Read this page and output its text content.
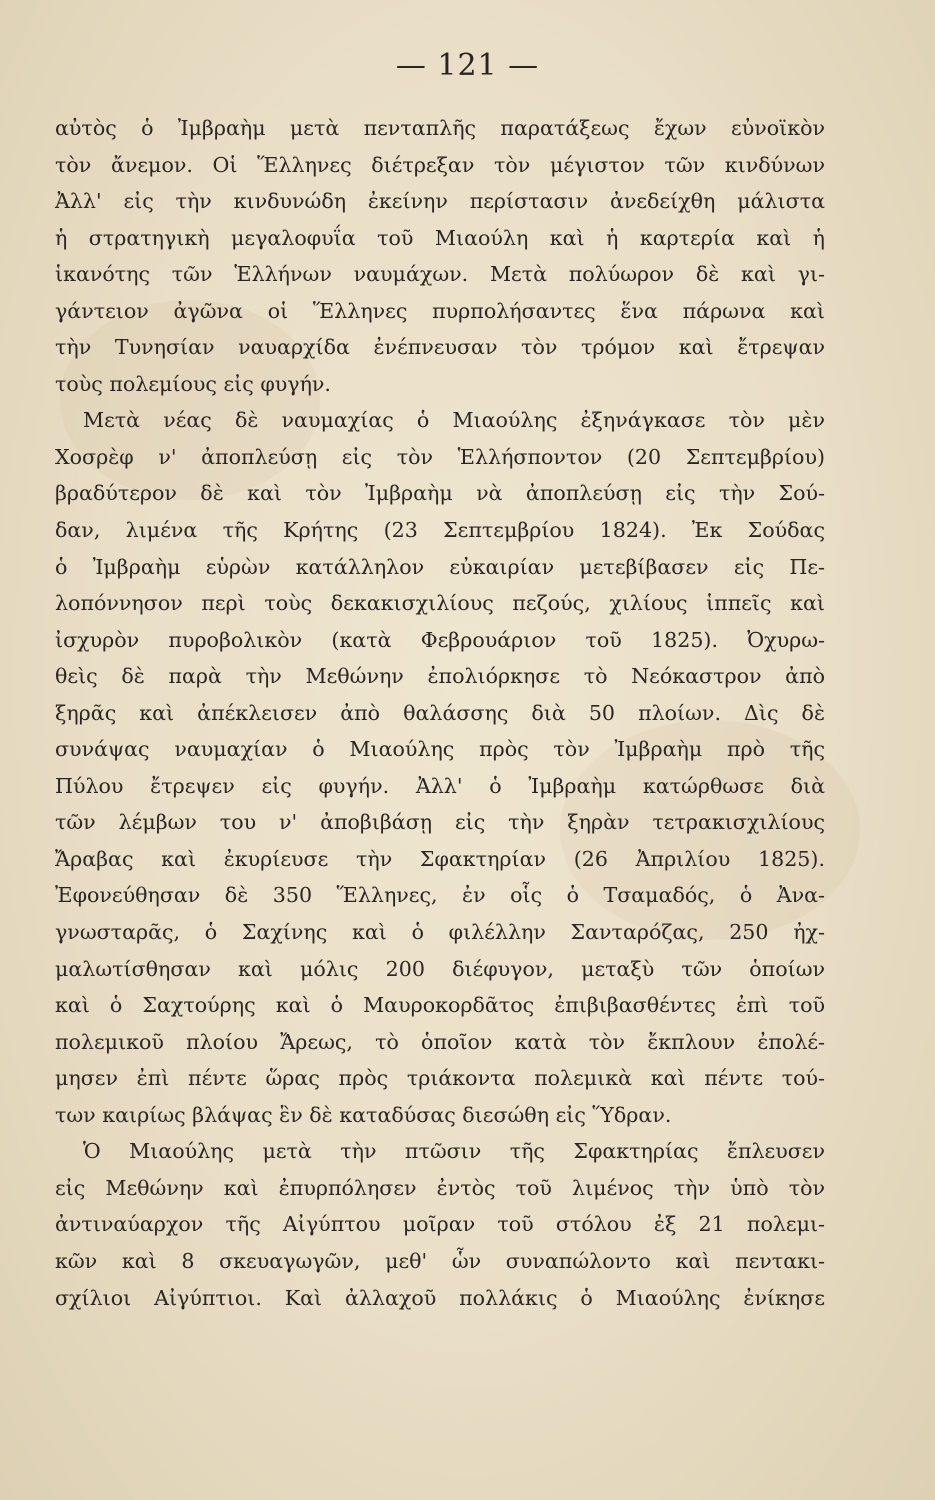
— 121 —
αὐτὸς ὁ Ἰμβραὴμ μετὰ πενταπλῆς παρατάξεως ἔχων εὐνοϊκὸν
τὸν ἄνεμον. Οἱ Ἕλληνες διέτρεξαν τὸν μέγιστον τῶν κινδύνων
Ἀλλ' εἰς τὴν κινδυνώδη ἐκείνην περίστασιν ἀνεδείχθη μάλιστα
ἡ στρατηγικὴ μεγαλοφυΐα τοῦ Μιαούλη καὶ ἡ καρτερία καὶ ἡ
ἱκανότης τῶν Ἑλλήνων ναυμάχων. Μετὰ πολύωρον δὲ καὶ γι-
γάντειον ἀγῶνα οἱ Ἕλληνες πυρπολήσαντες ἕνα πάρωνα καὶ
τὴν Τυνησίαν ναυαρχίδα ἐνέπνευσαν τὸν τρόμον καὶ ἔτρεψαν
τοὺς πολεμίους εἰς φυγήν.
Μετὰ νέας δὲ ναυμαχίας ὁ Μιαούλης ἐξηνάγκασε τὸν μὲν
Χοσρὲφ ν' ἀποπλεύσῃ εἰς τὸν Ἑλλήσποντον (20 Σεπτεμβρίου)
βραδύτερον δὲ καὶ τὸν Ἰμβραὴμ νὰ ἀποπλεύσῃ εἰς τὴν Σού-
δαν, λιμένα τῆς Κρήτης (23 Σεπτεμβρίου 1824). Ἐκ Σούδας
ὁ Ἰμβραὴμ εὑρὼν κατάλληλον εὐκαιρίαν μετεβίβασεν εἰς Πε-
λοπόννησον περὶ τοὺς δεκακισχιλίους πεζούς, χιλίους ἱππεῖς καὶ
ἰσχυρὸν πυροβολικὸν (κατὰ Φεβρουάριον τοῦ 1825). Ὀχυρω-
θεὶς δὲ παρὰ τὴν Μεθώνην ἐπολιόρκησε τὸ Νεόκαστρον ἀπὸ
ξηρᾶς καὶ ἀπέκλεισεν ἀπὸ θαλάσσης διὰ 50 πλοίων. Δὶς δὲ
συνάψας ναυμαχίαν ὁ Μιαούλης πρὸς τὸν Ἰμβραὴμ πρὸ τῆς
Πύλου ἔτρεψεν εἰς φυγήν. Ἀλλ' ὁ Ἰμβραὴμ κατώρθωσε διὰ
τῶν λέμβων του ν' ἀποβιβάσῃ εἰς τὴν ξηρὰν τετρακισχιλίους
Ἄραβας καὶ ἐκυρίευσε τὴν Σφακτηρίαν (26 Ἀπριλίου 1825).
Ἐφονεύθησαν δὲ 350 Ἕλληνες, ἐν οἷς ὁ Τσαμαδός, ὁ Ἀνα-
γνωσταρᾶς, ὁ Σαχίνης καὶ ὁ φιλέλλην Σανταρόζας, 250 ἠχ-
μαλωτίσθησαν καὶ μόλις 200 διέφυγον, μεταξὺ τῶν ὁποίων
καὶ ὁ Σαχτούρης καὶ ὁ Μαυροκορδᾶτος ἐπιβιβασθέντες ἐπὶ τοῦ
πολεμικοῦ πλοίου Ἄρεως, τὸ ὁποῖον κατὰ τὸν ἔκπλουν ἐπολέ-
μησεν ἐπὶ πέντε ὥρας πρὸς τριάκοντα πολεμικὰ καὶ πέντε τού-
των καιρίως βλάψας ἓν δὲ καταδύσας διεσώθη εἰς Ὕδραν.
Ὁ Μιαούλης μετὰ τὴν πτῶσιν τῆς Σφακτηρίας ἔπλευσεν
εἰς Μεθώνην καὶ ἐπυρπόλησεν ἐντὸς τοῦ λιμένος τὴν ὑπὸ τὸν
ἀντιναύαρχον τῆς Αἰγύπτου μοῖραν τοῦ στόλου ἐξ 21 πολεμι-
κῶν καὶ 8 σκευαγωγῶν, μεθ' ὧν συναπώλοντο καὶ πεντακι-
σχίλιοι Αἰγύπτιοι. Καὶ ἀλλαχοῦ πολλάκις ὁ Μιαούλης ἐνίκησε
